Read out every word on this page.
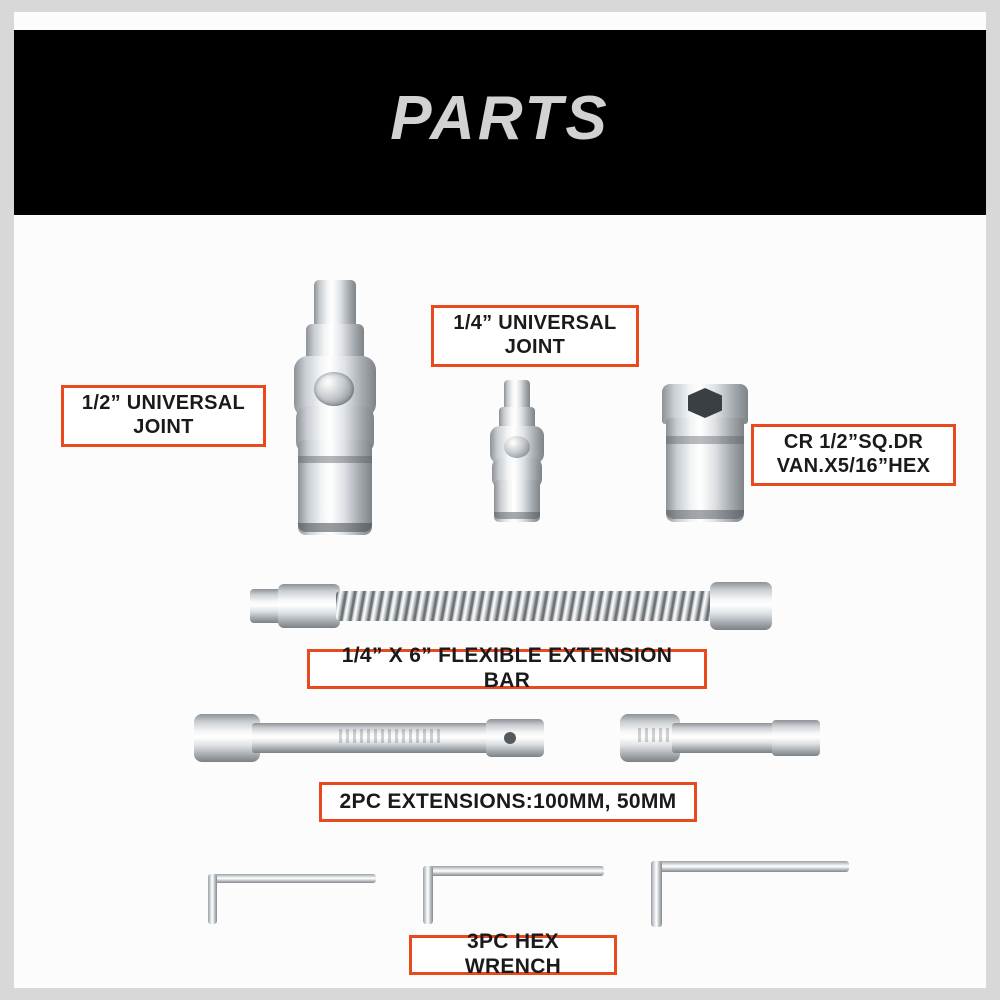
PARTS
1/2” UNIVERSAL
JOINT
1/4” UNIVERSAL
JOINT
CR 1/2”SQ.DR
VAN.X5/16”HEX
1/4” X 6” FLEXIBLE EXTENSION BAR
2PC EXTENSIONS:100MM, 50MM
3PC HEX WRENCH
